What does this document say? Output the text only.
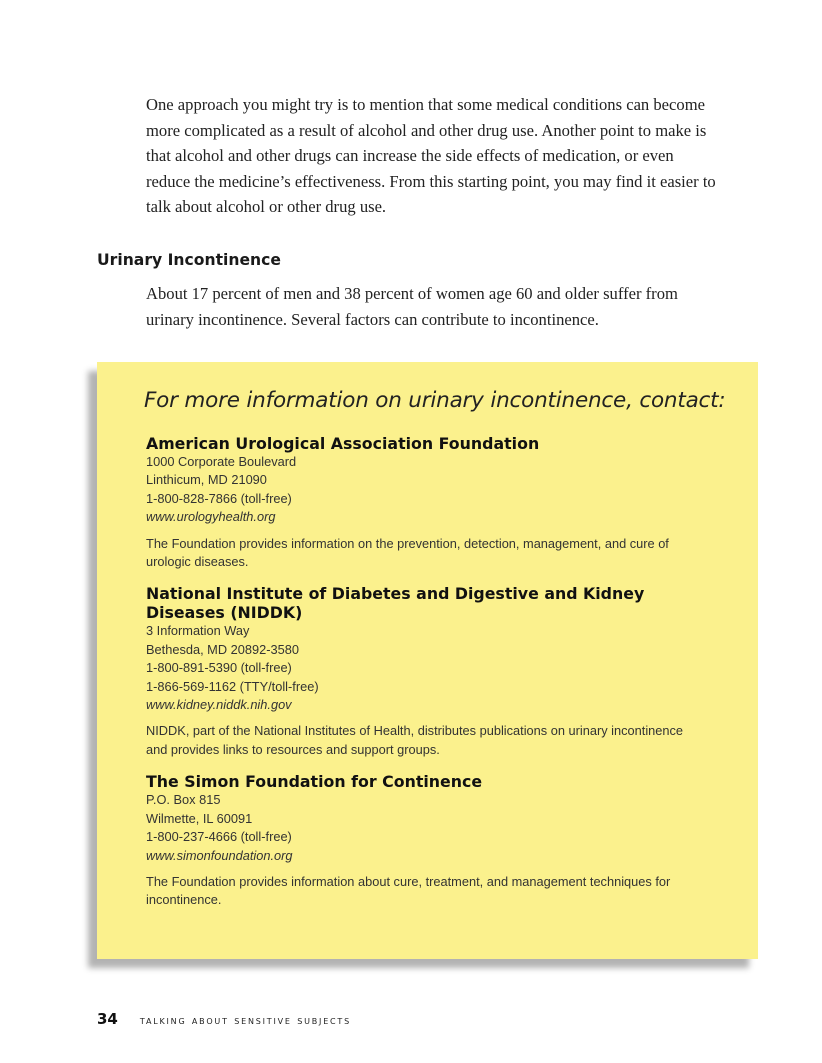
One approach you might try is to mention that some medical conditions can become more complicated as a result of alcohol and other drug use. Another point to make is that alcohol and other drugs can increase the side effects of medication, or even reduce the medicine’s effectiveness. From this starting point, you may find it easier to talk about alcohol or other drug use.

Urinary Incontinence

About 17 percent of men and 38 percent of women age 60 and older suffer from urinary incontinence. Several factors can contribute to incontinence.

For more information on urinary incontinence, contact:

American Urological Association Foundation

1000 Corporate Boulevard

Linthicum, MD 21090

1-800-828-7866 (toll-free)

www.urologyhealth.org

The Foundation provides information on the prevention, detection, management, and cure of urologic diseases.

National Institute of Diabetes and Digestive and Kidney Diseases (NIDDK)

3 Information Way

Bethesda, MD 20892-3580

1-800-891-5390 (toll-free)

1-866-569-1162 (TTY/toll-free)

www.kidney.niddk.nih.gov

NIDDK, part of the National Institutes of Health, distributes publications on urinary incontinence and provides links to resources and support groups.

The Simon Foundation for Continence

P.O. Box 815

Wilmette, IL 60091

1-800-237-4666 (toll-free)

www.simonfoundation.org

The Foundation provides information about cure, treatment, and management techniques for incontinence.

34 talking about sensitive subjects
